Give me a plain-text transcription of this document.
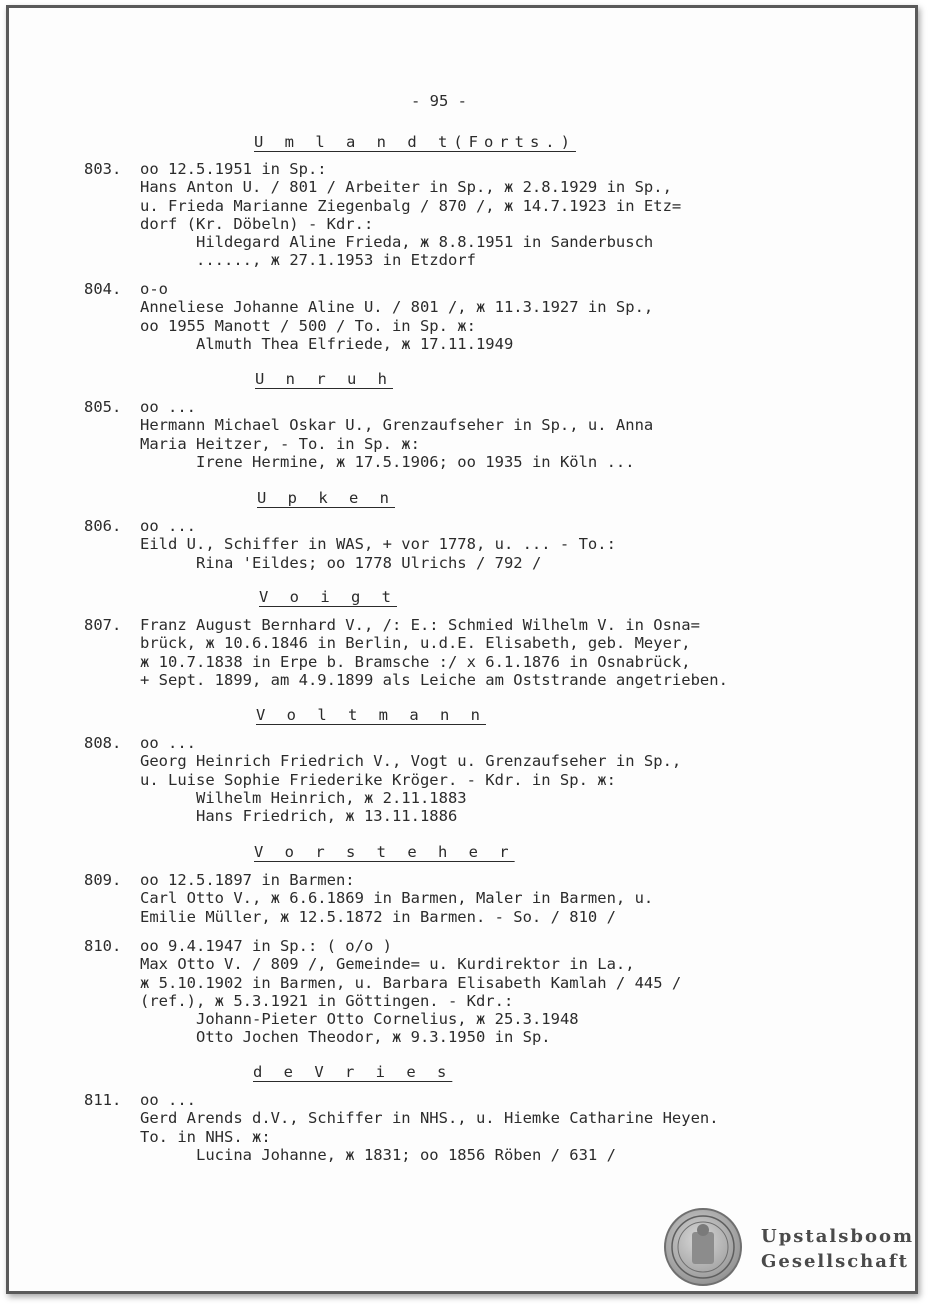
- 95 -
U m l a n d t(Forts.)
803.	oo 12.5.1951 in Sp.:
Hans Anton U. / 801 / Arbeiter in Sp., ж 2.8.1929 in Sp.,
u. Frieda Marianne Ziegenbalg / 870 /, ж 14.7.1923 in Etz=
dorf (Kr. Döbeln) - Kdr.:
Hildegard Aline Frieda, ж 8.8.1951 in Sanderbusch
......, ж 27.1.1953 in Etzdorf
804.	o-o
Anneliese Johanne Aline U. / 801 /, ж 11.3.1927 in Sp.,
oo 1955 Manott / 500 / To. in Sp. ж:
Almuth Thea Elfriede, ж 17.11.1949
U n r u h
805.	oo ...
Hermann Michael Oskar U., Grenzaufseher in Sp., u. Anna
Maria Heitzer, - To. in Sp. ж:
Irene Hermine, ж 17.5.1906; oo 1935 in Köln ...
U p k e n
806.	oo ...
Eild U., Schiffer in WAS, + vor 1778, u. ... - To.:
Rina 'Eildes; oo 1778 Ulrichs / 792 /
V o i g t
807.	Franz August Bernhard V., /: E.: Schmied Wilhelm V. in Osna=
brück, ж 10.6.1846 in Berlin, u.d.E. Elisabeth, geb. Meyer,
ж 10.7.1838 in Erpe b. Bramsche :/ x 6.1.1876 in Osnabrück,
+ Sept. 1899, am 4.9.1899 als Leiche am Oststrande angetrieben.
V o l t m a n n
808.	oo ...
Georg Heinrich Friedrich V., Vogt u. Grenzaufseher in Sp.,
u. Luise Sophie Friederike Kröger. - Kdr. in Sp. ж:
Wilhelm Heinrich, ж 2.11.1883
Hans Friedrich, ж 13.11.1886
V o r s t e h e r
809.	oo 12.5.1897 in Barmen:
Carl Otto V., ж 6.6.1869 in Barmen, Maler in Barmen, u.
Emilie Müller, ж 12.5.1872 in Barmen. - So. / 810 /
810.	oo 9.4.1947 in Sp.: ( o/o )
Max Otto V. / 809 /, Gemeinde= u. Kurdirektor in La.,
ж 5.10.1902 in Barmen, u. Barbara Elisabeth Kamlah / 445 /
(ref.), ж 5.3.1921 in Göttingen. - Kdr.:
Johann-Pieter Otto Cornelius, ж 25.3.1948
Otto Jochen Theodor, ж 9.3.1950 in Sp.
d e V r i e s
811.	oo ...
Gerd Arends d.V., Schiffer in NHS., u. Hiemke Catharine Heyen.
To. in NHS. ж:
Lucina Johanne, ж 1831; oo 1856 Röben / 631 /
Upstalsboom
Gesellschaft
